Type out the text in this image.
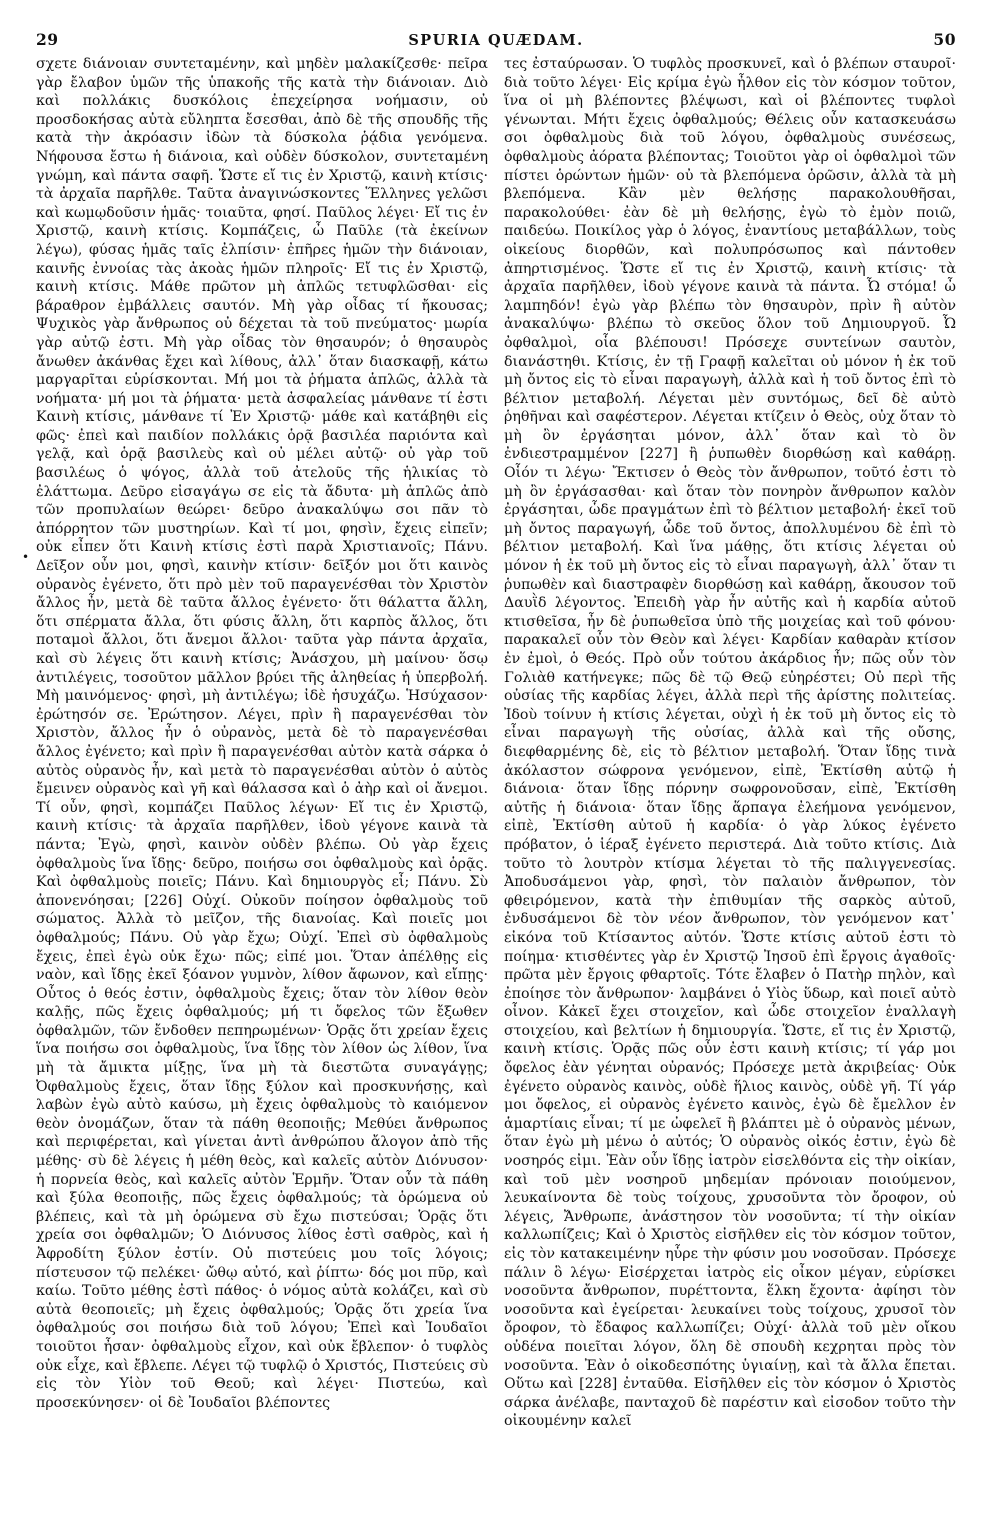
29	SPURIA QUÆDAM.	50
σχετε διάνοιαν συντεταμένην, καὶ μηδὲν μαλακίζεσθε· πεῖρα γὰρ ἔλαβον ὑμῶν τῆς ὑπακοῆς τῆς κατὰ τὴν διάνοιαν. Διὸ καὶ πολλάκις δυσκόλοις ἐπεχείρησα νοήμασιν, οὐ προσδοκήσας αὐτὰ εὔληπτα ἔσεσθαι, ἀπὸ δὲ τῆς σπουδῆς τῆς κατὰ τὴν ἀκρόασιν ἰδὼν τὰ δύσκολα ῥᾴδια γενόμενα. Νήφουσα ἔστω ἡ διάνοια, καὶ οὐδὲν δύσκολον, συντεταμένη γνώμη, καὶ πάντα σαφῆ. Ὥστε εἴ τις ἐν Χριστῷ, καινὴ κτίσις· τὰ ἀρχαῖα παρῆλθε. Ταῦτα ἀναγινώσκοντες Ἕλληνες γελῶσι καὶ κωμῳδοῦσιν ἡμᾶς· τοιαῦτα, φησί. Παῦλος λέγει· Εἴ τις ἐν Χριστῷ, καινὴ κτίσις. Κομπάζεις, ὦ Παῦλε (τὰ ἐκείνων λέγω), φύσας ἡμᾶς ταῖς ἐλπίσιν· ἐπῆρες ἡμῶν τὴν διάνοιαν, καινῆς ἐννοίας τὰς ἀκοὰς ἡμῶν πληροῖς· Εἴ τις ἐν Χριστῷ, καινὴ κτίσις. Μάθε πρῶτον μὴ ἁπλῶς τετυφλῶσθαι· εἰς βάραθρον ἐμβάλλεις σαυτόν. Μὴ γὰρ οἶδας τί ἤκουσας; Ψυχικὸς γὰρ ἄνθρωπος οὐ δέχεται τὰ τοῦ πνεύματος· μωρία γὰρ αὐτῷ ἐστι. Μὴ γὰρ οἶδας τὸν θησαυρόν; ὁ θησαυρὸς ἄνωθεν ἀκάνθας ἔχει καὶ λίθους, ἀλλ᾽ ὅταν διασκαφῇ, κάτω μαργαρῖται εὑρίσκονται. Μή μοι τὰ ῥήματα ἁπλῶς, ἀλλὰ τὰ νοήματα· μή μοι τὰ ῥήματα· μετὰ ἀσφαλείας μάνθανε τί ἐστι Καινὴ κτίσις, μάνθανε τί Ἐν Χριστῷ· μάθε καὶ κατάβηθι εἰς φῶς· ἐπεὶ καὶ παιδίον πολλάκις ὁρᾷ βασιλέα παριόντα καὶ γελᾷ, καὶ ὁρᾷ βασιλεὺς καὶ οὐ μέλει αὐτῷ· οὐ γὰρ τοῦ βασιλέως ὁ ψόγος, ἀλλὰ τοῦ ἀτελοῦς τῆς ἡλικίας τὸ ἐλάττωμα. Δεῦρο εἰσαγάγω σε εἰς τὰ ἄδυτα· μὴ ἁπλῶς ἀπὸ τῶν προπυλαίων θεώρει· δεῦρο ἀνακαλύψω σοι πᾶν τὸ ἀπόρρητον τῶν μυστηρίων. Καὶ τί μοι, φησὶν, ἔχεις εἰπεῖν; οὐκ εἶπεν ὅτι Καινὴ κτίσις ἐστὶ παρὰ Χριστιανοῖς; Πάνυ. Δεῖξον οὖν μοι, φησὶ, καινὴν κτίσιν· δεῖξόν μοι ὅτι καινὸς οὐρανὸς ἐγένετο, ὅτι πρὸ μὲν τοῦ παραγενέσθαι τὸν Χριστὸν ἄλλος ἦν, μετὰ δὲ ταῦτα ἄλλος ἐγένετο· ὅτι θάλαττα ἄλλη, ὅτι σπέρματα ἄλλα, ὅτι φύσις ἄλλη, ὅτι καρπὸς ἄλλος, ὅτι ποταμοὶ ἄλλοι, ὅτι ἄνεμοι ἄλλοι· ταῦτα γὰρ πάντα ἀρχαῖα, καὶ σὺ λέγεις ὅτι καινὴ κτίσις; Ἀνάσχου, μὴ μαίνου· ὅσῳ ἀντιλέγεις, τοσοῦτον μᾶλλον βρύει τῆς ἀληθείας ἡ ὑπερβολή. Μὴ μαινόμενος· φησὶ, μὴ ἀντιλέγω; ἰδὲ ἡσυχάζω. Ἡσύχασον· ἐρώτησόν σε. Ἐρώτησον. Λέγει, πρὶν ἢ παραγενέσθαι τὸν Χριστὸν, ἄλλος ἦν ὁ οὐρανὸς, μετὰ δὲ τὸ παραγενέσθαι ἄλλος ἐγένετο; καὶ πρὶν ἢ παραγενέσθαι αὐτὸν κατὰ σάρκα ὁ αὐτὸς οὐρανὸς ἦν, καὶ μετὰ τὸ παραγενέσθαι αὐτὸν ὁ αὐτὸς ἔμεινεν οὐρανὸς καὶ γῆ καὶ θάλασσα καὶ ὁ ἀὴρ καὶ οἱ ἄνεμοι. Τί οὖν, φησὶ, κομπάζει Παῦλος λέγων· Εἴ τις ἐν Χριστῷ, καινὴ κτίσις· τὰ ἀρχαῖα παρῆλθεν, ἰδοὺ γέγονε καινὰ τὰ πάντα; Ἐγὼ, φησὶ, καινὸν οὐδὲν βλέπω. Οὐ γὰρ ἔχεις ὀφθαλμοὺς ἵνα ἴδῃς· δεῦρο, ποιήσω σοι ὀφθαλμοὺς καὶ ὁρᾷς. Καὶ ὀφθαλμοὺς ποιεῖς; Πάνυ. Καὶ δημιουργὸς εἶ; Πάνυ. Σὺ ἀπονενόησαι; [226] Οὐχί. Οὐκοῦν ποίησον ὀφθαλμοὺς τοῦ σώματος. Ἀλλὰ τὸ μεῖζον, τῆς διανοίας. Καὶ ποιεῖς μοι ὀφθαλμούς; Πάνυ. Οὐ γὰρ ἔχω; Οὐχί. Ἐπεὶ σὺ ὀφθαλμοὺς ἔχεις, ἐπεὶ ἐγὼ οὐκ ἔχω· πῶς; εἰπέ μοι. Ὅταν ἀπέλθῃς εἰς ναὸν, καὶ ἴδῃς ἐκεῖ ξόανον γυμνὸν, λίθον ἄφωνον, καὶ εἴπῃς· Οὗτος ὁ θεός ἐστιν, ὀφθαλμοὺς ἔχεις; ὅταν τὸν λίθον θεὸν καλῇς, πῶς ἔχεις ὀφθαλμούς; μή τι ὄφελος τῶν ἔξωθεν ὀφθαλμῶν, τῶν ἔνδοθεν πεπηρωμένων· Ὁρᾷς ὅτι χρείαν ἔχεις ἵνα ποιήσω σοι ὀφθαλμοὺς, ἵνα ἴδῃς τὸν λίθον ὡς λίθον, ἵνα μὴ τὰ ἄμικτα μίξῃς, ἵνα μὴ τὰ διεστῶτα συναγάγῃς; Ὀφθαλμοὺς ἔχεις, ὅταν ἴδῃς ξύλον καὶ προσκυνήσῃς, καὶ λαβὼν ἐγὼ αὐτὸ καύσω, μὴ ἔχεις ὀφθαλμοὺς τὸ καιόμενον θεὸν ὀνομάζων, ὅταν τὰ πάθη θεοποιῇς; Μεθύει ἄνθρωπος καὶ περιφέρεται, καὶ γίνεται ἀντὶ ἀνθρώπου ἄλογον ἀπὸ τῆς μέθης· σὺ δὲ λέγεις ἡ μέθη θεὸς, καὶ καλεῖς αὐτὸν Διόνυσον· ἡ πορνεία θεὸς, καὶ καλεῖς αὐτὸν Ἑρμῆν. Ὅταν οὖν τὰ πάθη καὶ ξύλα θεοποιῇς, πῶς ἔχεις ὀφθαλμούς; τὰ ὁρώμενα οὐ βλέπεις, καὶ τὰ μὴ ὁρώμενα σὺ ἔχω πιστεύσαι; Ὁρᾷς ὅτι χρεία σοι ὀφθαλμῶν; Ὁ Διόνυσος λίθος ἐστὶ σαθρὸς, καὶ ἡ Ἀφροδίτη ξύλον ἐστίν. Οὐ πιστεύεις μου τοῖς λόγοις; πίστευσον τῷ πελέκει· ὤθῳ αὐτό, καὶ ῥίπτω· δός μοι πῦρ, καὶ καίω. Τοῦτο μέθης ἐστὶ πάθος· ὁ νόμος αὐτὰ κολάζει, καὶ σὺ αὐτὰ θεοποιεῖς; μὴ ἔχεις ὀφθαλμούς; Ὁρᾷς ὅτι χρεία ἵνα ὀφθαλμούς σοι ποιήσω διὰ τοῦ λόγου; Ἐπεὶ καὶ Ἰουδαῖοι τοιοῦτοι ἦσαν· ὀφθαλμοὺς εἶχον, καὶ οὐκ ἔβλεπον· ὁ τυφλὸς οὐκ εἶχε, καὶ ἔβλεπε. Λέγει τῷ τυφλῷ ὁ Χριστός, Πιστεύεις σὺ εἰς τὸν Υἱὸν τοῦ Θεοῦ; καὶ λέγει· Πιστεύω, καὶ προσεκύνησεν· οἱ δὲ Ἰουδαῖοι βλέποντες
τες ἐσταύρωσαν. Ὁ τυφλὸς προσκυνεῖ, καὶ ὁ βλέπων σταυροῖ· διὰ τοῦτο λέγει· Εἰς κρίμα ἐγὼ ἦλθον εἰς τὸν κόσμον τοῦτον, ἵνα οἱ μὴ βλέποντες βλέψωσι, καὶ οἱ βλέποντες τυφλοὶ γένωνται. Μήτι ἔχεις ὀφθαλμούς; Θέλεις οὖν κατασκευάσω σοι ὀφθαλμοὺς διὰ τοῦ λόγου, ὀφθαλμοὺς συνέσεως, ὀφθαλμοὺς ἀόρατα βλέποντας; Τοιοῦτοι γὰρ οἱ ὀφθαλμοὶ τῶν πίστει ὁρώντων ἡμῶν· οὐ τὰ βλεπόμενα ὁρῶσιν, ἀλλὰ τὰ μὴ βλεπόμενα. Κἂν μὲν θελήσῃς παρακολουθῆσαι, παρακολούθει· ἐὰν δὲ μὴ θελήσῃς, ἐγὼ τὸ ἐμὸν ποιῶ, παιδεύω. Ποικίλος γὰρ ὁ λόγος, ἐναντίους μεταβάλλων, τοὺς οἰκείους διορθῶν, καὶ πολυπρόσωπος καὶ πάντοθεν ἀπηρτισμένος. Ὥστε εἴ τις ἐν Χριστῷ, καινὴ κτίσις· τὰ ἀρχαῖα παρῆλθεν, ἰδοὺ γέγονε καινὰ τὰ πάντα. Ὦ στόμα! ὦ λαμπηδόν! ἐγὼ γὰρ βλέπω τὸν θησαυρὸν, πρὶν ἢ αὐτὸν ἀνακαλύψω· βλέπω τὸ σκεῦος ὅλον τοῦ Δημιουργοῦ. Ὦ ὀφθαλμοὶ, οἷα βλέπουσι! Πρόσεχε συντείνων σαυτὸν, διανάστηθι. Κτίσις, ἐν τῇ Γραφῇ καλεῖται οὐ μόνον ἡ ἐκ τοῦ μὴ ὄντος εἰς τὸ εἶναι παραγωγὴ, ἀλλὰ καὶ ἡ τοῦ ὄντος ἐπὶ τὸ βέλτιον μεταβολή. Λέγεται μὲν συντόμως, δεῖ δὲ αὐτὸ ῥηθῆναι καὶ σαφέστερον. Λέγεται κτίζειν ὁ Θεὸς, οὐχ ὅταν τὸ μὴ ὂν ἐργάσηται μόνον, ἀλλ᾽ ὅταν καὶ τὸ ὂν ἐνδιεστραμμένον [227] ἢ ῥυπωθὲν διορθώσῃ καὶ καθάρῃ. Οἷόν τι λέγω· Ἔκτισεν ὁ Θεὸς τὸν ἄνθρωπον, τοῦτό ἐστι τὸ μὴ ὂν ἐργάσασθαι· καὶ ὅταν τὸν πονηρὸν ἄνθρωπον καλὸν ἐργάσηται, ὧδε πραγμάτων ἐπὶ τὸ βέλτιον μεταβολή· ἐκεῖ τοῦ μὴ ὄντος παραγωγή, ὧδε τοῦ ὄντος, ἀπολλυμένου δὲ ἐπὶ τὸ βέλτιον μεταβολή. Καὶ ἵνα μάθῃς, ὅτι κτίσις λέγεται οὐ μόνον ἡ ἐκ τοῦ μὴ ὄντος εἰς τὸ εἶναι παραγωγὴ, ἀλλ᾽ ὅταν τι ῥυπωθὲν καὶ διαστραφὲν διορθώσῃ καὶ καθάρῃ, ἄκουσον τοῦ Δαυῒδ λέγοντος. Ἐπειδὴ γὰρ ἦν αὐτῆς καὶ ἡ καρδία αὐτοῦ κτισθεῖσα, ἦν δὲ ῥυπωθεῖσα ὑπὸ τῆς μοιχείας καὶ τοῦ φόνου· παρακαλεῖ οὖν τὸν Θεὸν καὶ λέγει· Καρδίαν καθαρὰν κτίσον ἐν ἐμοὶ, ὁ Θεός. Πρὸ οὖν τούτου ἀκάρδιος ἦν; πῶς οὖν τὸν Γολιὰθ κατήνεγκε; πῶς δὲ τῷ Θεῷ εὐηρέστει; Οὐ περὶ τῆς οὐσίας τῆς καρδίας λέγει, ἀλλὰ περὶ τῆς ἀρίστης πολιτείας. Ἰδοὺ τοίνυν ἡ κτίσις λέγεται, οὐχὶ ἡ ἐκ τοῦ μὴ ὄντος εἰς τὸ εἶναι παραγωγὴ τῆς οὐσίας, ἀλλὰ καὶ τῆς οὔσης, διεφθαρμένης δὲ, εἰς τὸ βέλτιον μεταβολή. Ὅταν ἴδῃς τινὰ ἀκόλαστον σώφρονα γενόμενον, εἰπὲ, Ἐκτίσθη αὐτῷ ἡ διάνοια· ὅταν ἴδῃς πόρνην σωφρονοῦσαν, εἰπὲ, Ἐκτίσθη αὐτῆς ἡ διάνοια· ὅταν ἴδῃς ἅρπαγα ἐλεήμονα γενόμενον, εἰπὲ, Ἐκτίσθη αὐτοῦ ἡ καρδία· ὁ γὰρ λύκος ἐγένετο πρόβατον, ὁ ἱέραξ ἐγένετο περιστερά. Διὰ τοῦτο κτίσις. Διὰ τοῦτο τὸ λουτρὸν κτίσμα λέγεται τὸ τῆς παλιγγενεσίας. Ἀποδυσάμενοι γὰρ, φησὶ, τὸν παλαιὸν ἄνθρωπον, τὸν φθειρόμενον, κατὰ τὴν ἐπιθυμίαν τῆς σαρκὸς αὐτοῦ, ἐνδυσάμενοι δὲ τὸν νέον ἄνθρωπον, τὸν γενόμενον κατ᾽ εἰκόνα τοῦ Κτίσαντος αὐτόν. Ὥστε κτίσις αὐτοῦ ἐστι τὸ ποίημα· κτισθέντες γὰρ ἐν Χριστῷ Ἰησοῦ ἐπὶ ἔργοις ἀγαθοῖς· πρῶτα μὲν ἔργοις φθαρτοῖς. Τότε ἔλαβεν ὁ Πατὴρ πηλὸν, καὶ ἐποίησε τὸν ἄνθρωπον· λαμβάνει ὁ Υἱὸς ὕδωρ, καὶ ποιεῖ αὐτὸ οἶνον. Κἀκεῖ ἔχει στοιχεῖον, καὶ ὧδε στοιχεῖον ἐναλλαγὴ στοιχείου, καὶ βελτίων ἡ δημιουργία. Ὥστε, εἴ τις ἐν Χριστῷ, καινὴ κτίσις. Ὁρᾷς πῶς οὖν ἐστι καινὴ κτίσις; τί γάρ μοι ὄφελος ἐὰν γένηται οὐρανός; Πρόσεχε μετὰ ἀκριβείας· Οὐκ ἐγένετο οὐρανὸς καινὸς, οὐδὲ ἥλιος καινὸς, οὐδὲ γῆ. Τί γάρ μοι ὄφελος, εἰ οὐρανὸς ἐγένετο καινὸς, ἐγὼ δὲ ἔμελλον ἐν ἁμαρτίαις εἶναι; τί με ὠφελεῖ ἢ βλάπτει μὲ ὁ οὐρανὸς μένων, ὅταν ἐγὼ μὴ μένω ὁ αὐτός; Ὁ οὐρανὸς οἰκός ἐστιν, ἐγὼ δὲ νοσηρός εἰμι. Ἐὰν οὖν ἴδῃς ἰατρὸν εἰσελθόντα εἰς τὴν οἰκίαν, καὶ τοῦ μὲν νοσηροῦ μηδεμίαν πρόνοιαν ποιούμενον, λευκαίνοντα δὲ τοὺς τοίχους, χρυσοῦντα τὸν ὄροφον, οὐ λέγεις, Ἄνθρωπε, ἀνάστησον τὸν νοσοῦντα; τί τὴν οἰκίαν καλλωπίζεις; Καὶ ὁ Χριστὸς εἰσῆλθεν εἰς τὸν κόσμον τοῦτον, εἰς τὸν κατακειμένην ηὗρε τὴν φύσιν μου νοσοῦσαν. Πρόσεχε πάλιν ὃ λέγω· Εἰσέρχεται ἰατρὸς εἰς οἶκον μέγαν, εὑρίσκει νοσοῦντα ἄνθρωπον, πυρέττοντα, ἕλκη ἔχοντα· ἀφίησι τὸν νοσοῦντα καὶ ἐγείρεται· λευκαίνει τοὺς τοίχους, χρυσοῖ τὸν ὄροφον, τὸ ἔδαφος καλλωπίζει; Οὐχί· ἀλλὰ τοῦ μὲν οἴκου οὐδένα ποιεῖται λόγον, ὅλη δὲ σπουδὴ κεχρηται πρὸς τὸν νοσοῦντα. Ἐὰν ὁ οἰκοδεσπότης ὑγιαίνῃ, καὶ τὰ ἄλλα ἕπεται. Οὕτω καὶ [228] ἐνταῦθα. Εἰσῆλθεν εἰς τὸν κόσμον ὁ Χριστὸς σάρκα ἀνέλαβε, πανταχοῦ δὲ παρέστιν καὶ εἰσοδον τοῦτο τὴν οἰκουμένην καλεῖ
•
